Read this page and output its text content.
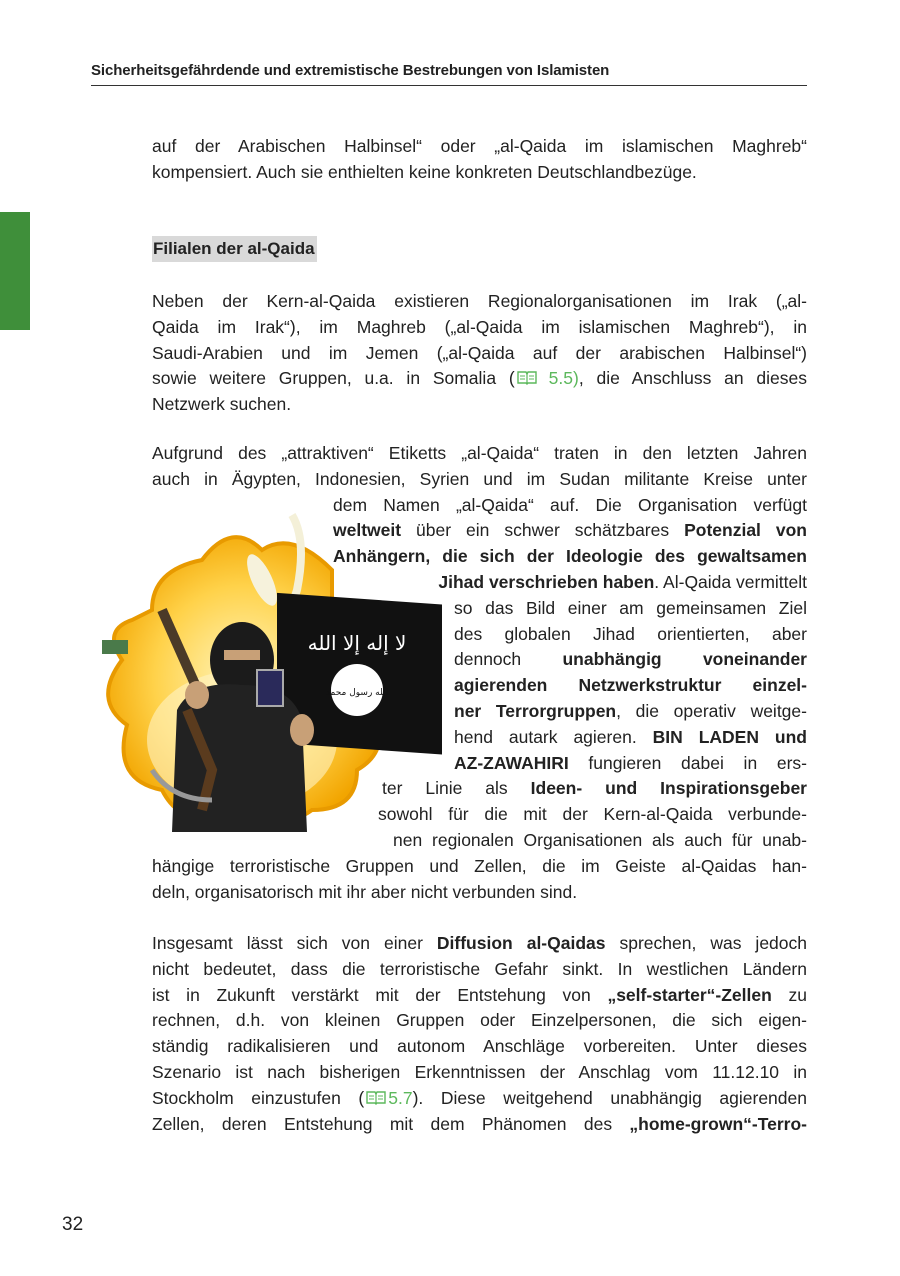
Sicherheitsgefährdende und extremistische Bestrebungen von Islamisten
auf der Arabischen Halbinsel“ oder „al-Qaida im islamischen Maghreb“
kompensiert. Auch sie enthielten keine konkreten Deutschlandbezüge.
Filialen der al-Qaida
Neben der Kern-al-Qaida existieren Regionalorganisationen im Irak („al-
Qaida im Irak“), im Maghreb („al-Qaida im islamischen Maghreb“), in
Saudi-Arabien und im Jemen („al-Qaida auf der arabischen Halbinsel“)
sowie weitere Gruppen, u.a. in Somalia ( 5.5), die Anschluss an dieses
Netzwerk suchen.
لا إله إلا الله
الله رسول محمد
Aufgrund des „attraktiven“ Etiketts „al-Qaida“ traten in den letzten Jahren
auch in Ägypten, Indonesien, Syrien und im Sudan militante Kreise unter
dem Namen „al-Qaida“ auf. Die Organisation verfügt
weltweit über ein schwer schätzbares Potenzial von
Anhängern, die sich der Ideologie des gewaltsamen
Jihad verschrieben haben. Al-Qaida vermittelt
so das Bild einer am gemeinsamen Ziel
des globalen Jihad orientierten, aber
dennoch unabhängig voneinander
agierenden Netzwerkstruktur einzel-
ner Terrorgruppen, die operativ weitge-
hend autark agieren. BIN LADEN und
AZ-ZAWAHIRI fungieren dabei in ers-
ter Linie als Ideen- und Inspirationsgeber
sowohl für die mit der Kern-al-Qaida verbunde-
nen regionalen Organisationen als auch für unab-
hängige terroristische Gruppen und Zellen, die im Geiste al-Qaidas han-
deln, organisatorisch mit ihr aber nicht verbunden sind.
Insgesamt lässt sich von einer Diffusion al-Qaidas sprechen, was jedoch
nicht bedeutet, dass die terroristische Gefahr sinkt. In westlichen Ländern
ist in Zukunft verstärkt mit der Entstehung von „self-starter“-Zellen zu
rechnen, d.h. von kleinen Gruppen oder Einzelpersonen, die sich eigen-
ständig radikalisieren und autonom Anschläge vorbereiten. Unter dieses
Szenario ist nach bisherigen Erkenntnissen der Anschlag vom 11.12.10 in
Stockholm einzustufen ( 5.7). Diese weitgehend unabhängig agierenden
Zellen, deren Entstehung mit dem Phänomen des „home-grown“-Terro-
32
